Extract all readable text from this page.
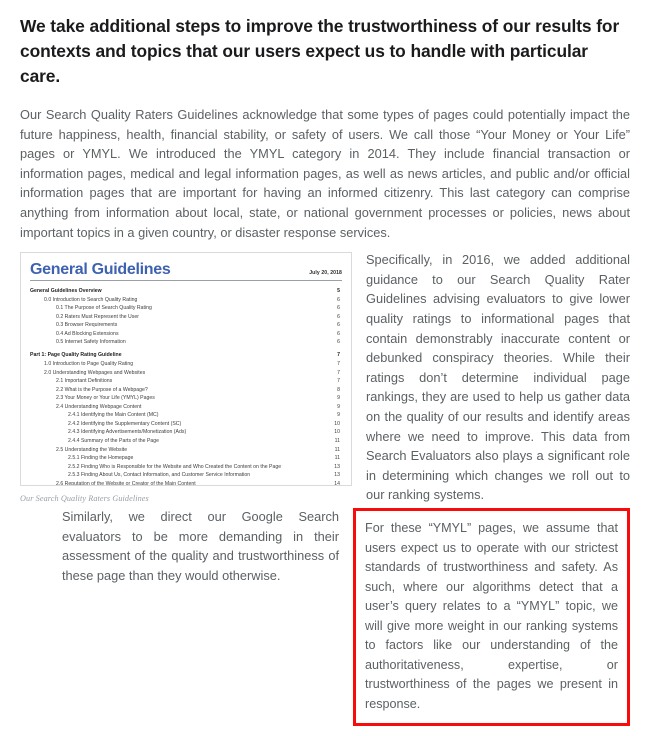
We take additional steps to improve the trustworthiness of our results for contexts and topics that our users expect us to handle with particular care.

Our Search Quality Raters Guidelines acknowledge that some types of pages could potentially impact the future happiness, health, financial stability, or safety of users. We call those “Your Money or Your Life” pages or YMYL. We introduced the YMYL category in 2014. They include financial transaction or information pages, medical and legal information pages, as well as news articles, and public and/or official information pages that are important for having an informed citizenry. This last category can comprise anything from information about local, state, or national government processes or policies, news about important topics in a given country, or disaster response services.

General Guidelines	July 20, 2018
General Guidelines Overview	5
0.0 Introduction to Search Quality Rating	6
0.1 The Purpose of Search Quality Rating	6
0.2 Raters Must Represent the User	6
0.3 Browser Requirements	6
0.4 Ad Blocking Extensions	6
0.5 Internet Safety Information	6
Part 1: Page Quality Rating Guideline	7
1.0 Introduction to Page Quality Rating	7
2.0 Understanding Webpages and Websites	7
2.1 Important Definitions	7
2.2 What is the Purpose of a Webpage?	8
2.3 Your Money or Your Life (YMYL) Pages	9
2.4 Understanding Webpage Content	9
2.4.1 Identifying the Main Content (MC)	9
2.4.2 Identifying the Supplementary Content (SC)	10
2.4.3 Identifying Advertisements/Monetization (Ads)	10
2.4.4 Summary of the Parts of the Page	11
2.5 Understanding the Website	11
2.5.1 Finding the Homepage	11
2.5.2 Finding Who is Responsible for the Website and Who Created the Content on the Page	13
2.5.3 Finding About Us, Contact Information, and Customer Service Information	13
2.6 Reputation of the Website or Creator of the Main Content	14
Our Search Quality Raters Guidelines

For these “YMYL” pages, we assume that users expect us to operate with our strictest standards of trustworthiness and safety. As such, where our algorithms detect that a user’s query relates to a “YMYL” topic, we will give more weight in our ranking systems to factors like our understanding of the authoritativeness, expertise, or trustworthiness of the pages we present in response.

Similarly, we direct our Google Search evaluators to be more demanding in their assessment of the quality and trustworthiness of these page than they would otherwise.

Specifically, in 2016, we added additional guidance to our Search Quality Rater Guidelines advising evaluators to give lower quality ratings to informational pages that contain demonstrably inaccurate content or debunked conspiracy theories. While their ratings don’t determine individual page rankings, they are used to help us gather data on the quality of our results and identify areas where we need to improve. This data from Search Evaluators also plays a significant role in determining which changes we roll out to our ranking systems.
